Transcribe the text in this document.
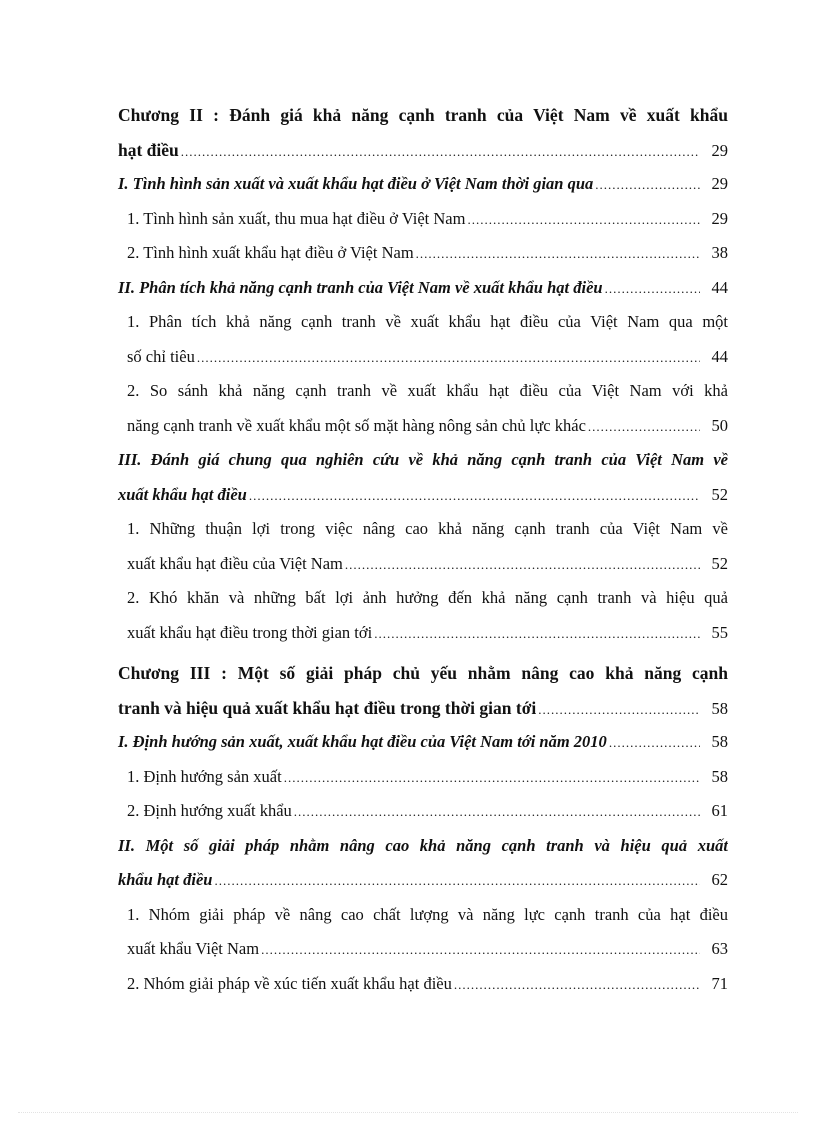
Chương II : Đánh giá khả năng cạnh tranh của Việt Nam về xuất khẩu
hạt điều .....	29
I. Tình hình sản xuất và xuất khẩu hạt điều ở Việt Nam thời gian qua .....	29
1. Tình hình sản xuất, thu mua hạt điều ở Việt Nam .....	29
2. Tình hình xuất khẩu hạt điều ở Việt Nam .....	38
II. Phân tích khả năng cạnh tranh của Việt Nam về xuất khẩu hạt điều .....	44
1. Phân tích khả năng cạnh tranh về xuất khẩu hạt điều của Việt Nam qua một
số chỉ tiêu .....	44
2. So sánh khả năng cạnh tranh về xuất khẩu hạt điều của Việt Nam với khả
năng cạnh tranh về xuất khẩu một số mặt hàng nông sản chủ lực khác .....	50
III. Đánh giá chung qua nghiên cứu về khả năng cạnh tranh của Việt Nam về
xuất khẩu hạt điều .....	52
1. Những thuận lợi trong việc nâng cao khả năng cạnh tranh của Việt Nam về
xuất khẩu hạt điều của Việt Nam .....	52
2. Khó khăn và những bất lợi ảnh hưởng đến khả năng cạnh tranh và hiệu quả
xuất khẩu hạt điều trong thời gian tới .....	55
Chương III : Một số giải pháp chủ yếu nhằm nâng cao khả năng cạnh
tranh và hiệu quả xuất khẩu hạt điều trong thời gian tới .....	58
I. Định hướng sản xuất, xuất khẩu hạt điều của Việt Nam tới năm 2010 .....	58
1. Định hướng sản xuất .....	58
2. Định hướng xuất khẩu .....	61
II. Một số giải pháp nhằm nâng cao khả năng cạnh tranh và hiệu quả xuất
khẩu hạt điều .....	62
1. Nhóm giải pháp về nâng cao chất lượng và năng lực cạnh tranh của hạt điều
xuất khẩu Việt Nam .....	63
2. Nhóm giải pháp về xúc tiến xuất khẩu hạt điều .....	71
